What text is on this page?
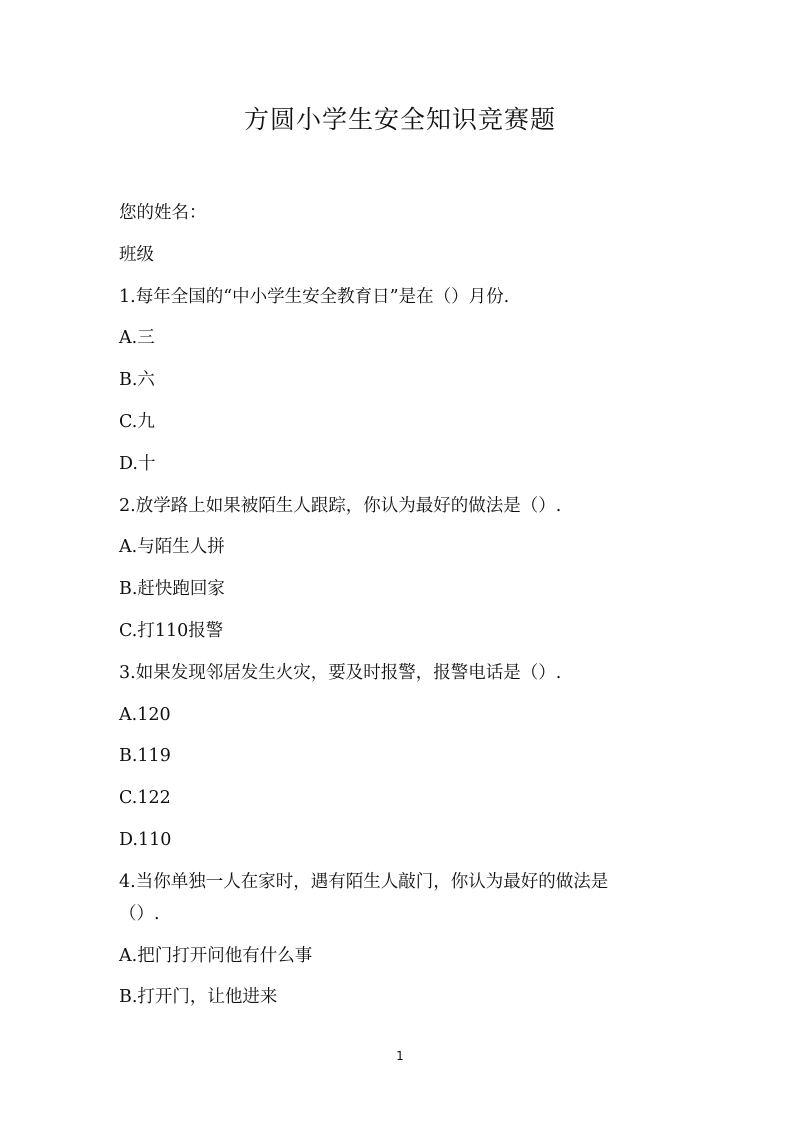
方圆小学生安全知识竞赛题
您的姓名：
班级
1.每年全国的“中小学生安全教育日”是在（）月份.
A.三
B.六
C.九
D.十
2.放学路上如果被陌生人跟踪，你认为最好的做法是（）.
A.与陌生人拼
B.赶快跑回家
C.打110报警
3.如果发现邻居发生火灾，要及时报警，报警电话是（）.
A.120
B.119
C.122
D.110
4.当你单独一人在家时，遇有陌生人敲门，你认为最好的做法是
（）.
A.把门打开问他有什么事
B.打开门，让他进来
1
